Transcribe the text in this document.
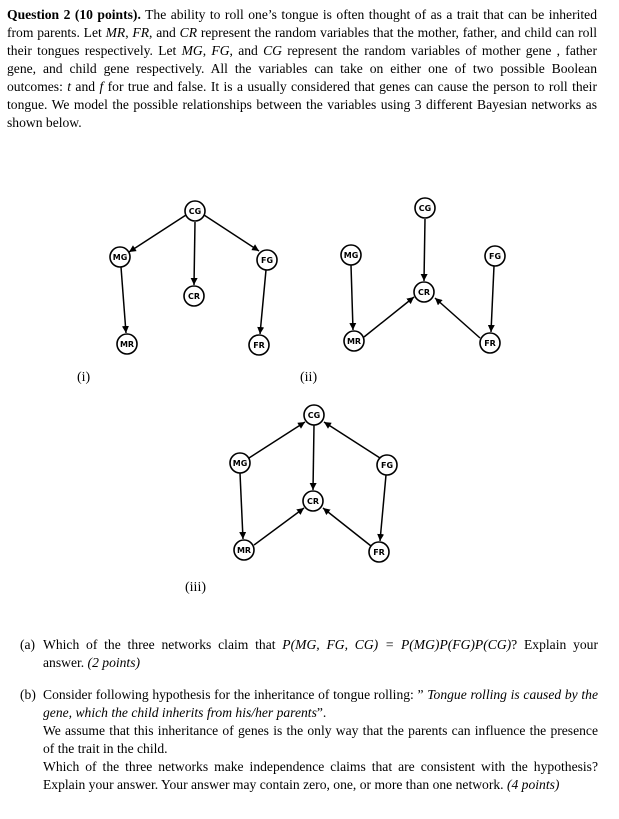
Question 2 (10 points). The ability to roll one’s tongue is often thought of as a trait that can be inherited from parents. Let MR, FR, and CR represent the random variables that the mother, father, and child can roll their tongues respectively. Let MG, FG, and CG represent the random variables of mother gene , father gene, and child gene respectively. All the variables can take on either one of two possible Boolean outcomes: t and f for true and false. It is a usually considered that genes can cause the person to roll their tongue. We model the possible relationships between the variables using 3 different Bayesian networks as shown below.
CG
MG	FG
CR
MR	FR
CG
MG	FG
CR
MR	FR
CG
MG	FG
CR
MR	FR
(i)	(ii)
(iii)
(a) Which of the three networks claim that P(MG, FG, CG) = P(MG)P(FG)P(CG)? Explain your answer. (2 points)
(b) Consider following hypothesis for the inheritance of tongue rolling: ” Tongue rolling is caused by the gene, which the child inherits from his/her parents”.

We assume that this inheritance of genes is the only way that the parents can influence the presence of the trait in the child.

Which of the three networks make independence claims that are consistent with the hypothesis? Explain your answer. Your answer may contain zero, one, or more than one network. (4 points)
